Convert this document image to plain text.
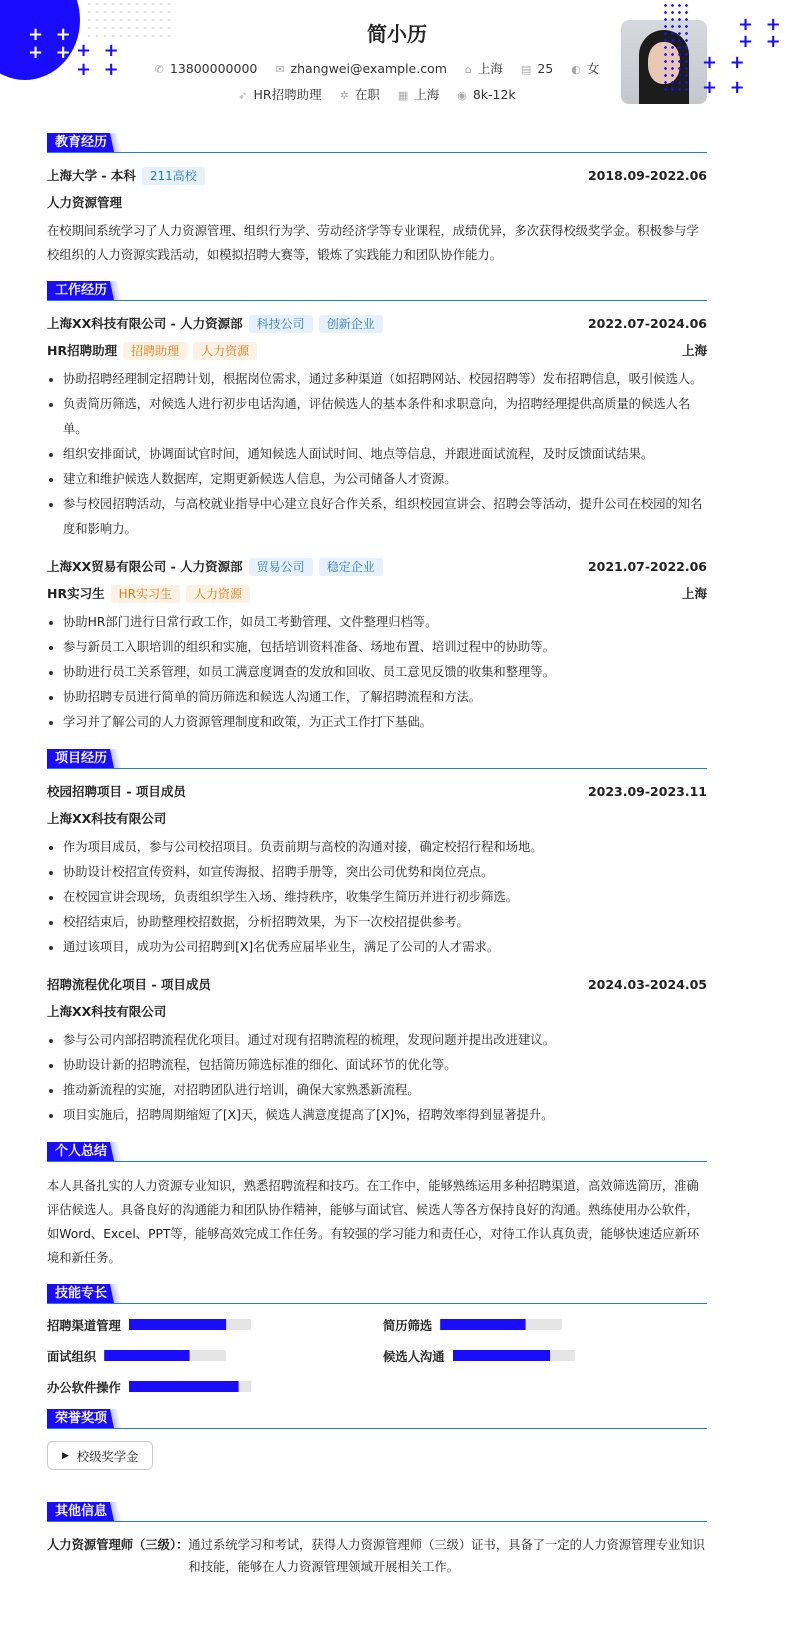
+  +
+  + +  +
+  +
+  +
+  +
+  +
+  +
简小历
✆ 13800000000 ✉ zhangwei@example.com ⌂ 上海 ▤ 25 ◐ 女
➶ HR招聘助理 ✲ 在职 ▦ 上海 ◉ 8k-12k
教育经历
上海大学 - 本科 211高校	2018.09-2022.06
人力资源管理
在校期间系统学习了人力资源管理、组织行为学、劳动经济学等专业课程，成绩优异，多次获得校级奖学金。积极参与学校组织的人力资源实践活动，如模拟招聘大赛等，锻炼了实践能力和团队协作能力。
工作经历
上海XX科技有限公司 - 人力资源部 科技公司 创新企业	2022.07-2024.06
HR招聘助理 招聘助理 人力资源	上海
协助招聘经理制定招聘计划，根据岗位需求，通过多种渠道（如招聘网站、校园招聘等）发布招聘信息，吸引候选人。
负责简历筛选，对候选人进行初步电话沟通，评估候选人的基本条件和求职意向，为招聘经理提供高质量的候选人名单。
组织安排面试，协调面试官时间，通知候选人面试时间、地点等信息，并跟进面试流程，及时反馈面试结果。
建立和维护候选人数据库，定期更新候选人信息，为公司储备人才资源。
参与校园招聘活动，与高校就业指导中心建立良好合作关系，组织校园宣讲会、招聘会等活动，提升公司在校园的知名度和影响力。
上海XX贸易有限公司 - 人力资源部 贸易公司 稳定企业	2021.07-2022.06
HR实习生 HR实习生 人力资源	上海
协助HR部门进行日常行政工作，如员工考勤管理、文件整理归档等。
参与新员工入职培训的组织和实施，包括培训资料准备、场地布置、培训过程中的协助等。
协助进行员工关系管理，如员工满意度调查的发放和回收、员工意见反馈的收集和整理等。
协助招聘专员进行简单的简历筛选和候选人沟通工作，了解招聘流程和方法。
学习并了解公司的人力资源管理制度和政策，为正式工作打下基础。
项目经历
校园招聘项目 - 项目成员	2023.09-2023.11
上海XX科技有限公司
作为项目成员，参与公司校招项目。负责前期与高校的沟通对接，确定校招行程和场地。
协助设计校招宣传资料，如宣传海报、招聘手册等，突出公司优势和岗位亮点。
在校园宣讲会现场，负责组织学生入场、维持秩序，收集学生简历并进行初步筛选。
校招结束后，协助整理校招数据，分析招聘效果，为下一次校招提供参考。
通过该项目，成功为公司招聘到[X]名优秀应届毕业生，满足了公司的人才需求。
招聘流程优化项目 - 项目成员	2024.03-2024.05
上海XX科技有限公司
参与公司内部招聘流程优化项目。通过对现有招聘流程的梳理，发现问题并提出改进建议。
协助设计新的招聘流程，包括简历筛选标准的细化、面试环节的优化等。
推动新流程的实施，对招聘团队进行培训，确保大家熟悉新流程。
项目实施后，招聘周期缩短了[X]天，候选人满意度提高了[X]%，招聘效率得到显著提升。
个人总结
本人具备扎实的人力资源专业知识，熟悉招聘流程和技巧。在工作中，能够熟练运用多种招聘渠道，高效筛选简历，准确评估候选人。具备良好的沟通能力和团队协作精神，能够与面试官、候选人等各方保持良好的沟通。熟练使用办公软件，如Word、Excel、PPT等，能够高效完成工作任务。有较强的学习能力和责任心，对待工作认真负责，能够快速适应新环境和新任务。
技能专长
招聘渠道管理	简历筛选
面试组织	候选人沟通
办公软件操作
荣誉奖项
▶ 校级奖学金
其他信息
人力资源管理师（三级）： 通过系统学习和考试，获得人力资源管理师（三级）证书，具备了一定的人力资源管理专业知识和技能，能够在人力资源管理领域开展相关工作。
